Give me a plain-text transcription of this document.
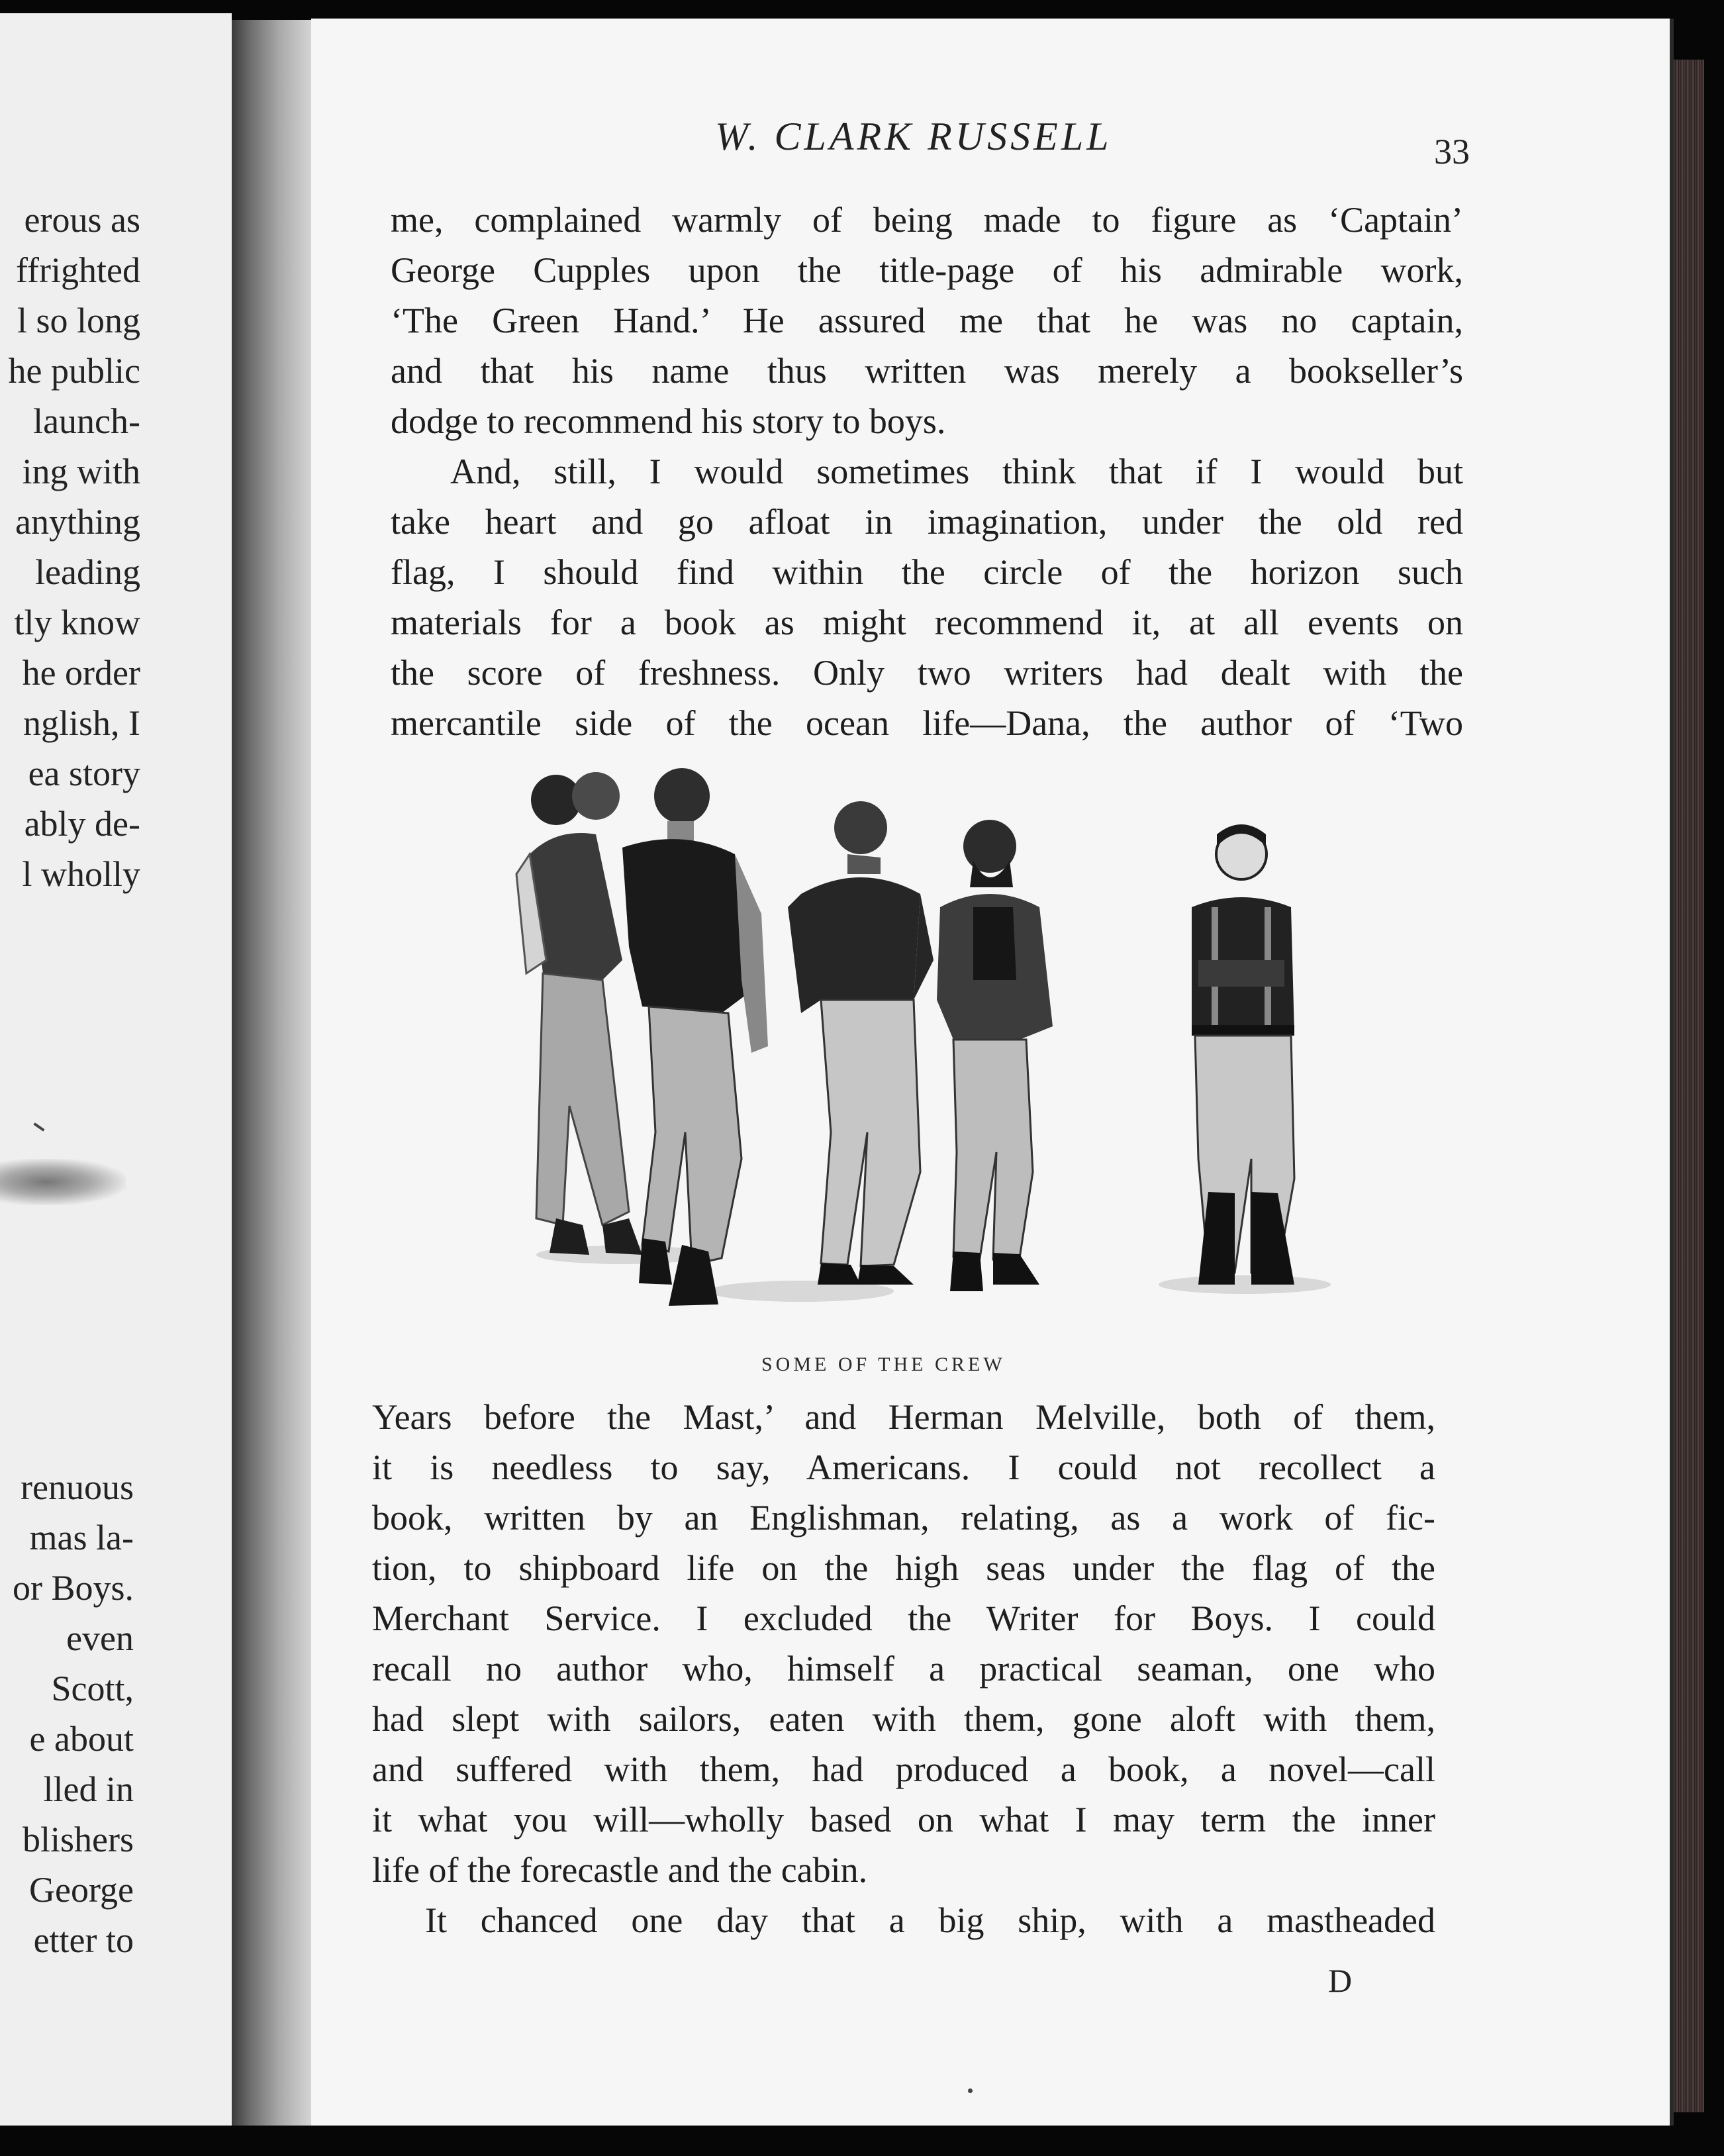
erous as
ffrighted
l so long
he public
launch-
ing with
anything
leading
tly know
he order
nglish, I
ea story
ably de-
l wholly
renuous
mas la-
or Boys.
even
Scott,
e about
lled in
blishers
George
etter to
W. CLARK RUSSELL	33
me, complained warmly of being made to figure as ‘Captain’
George Cupples upon the title-page of his admirable work,
‘The Green Hand.’ He assured me that he was no captain,
and that his name thus written was merely a bookseller’s
dodge to recommend his story to boys.
And, still, I would sometimes think that if I would but
take heart and go afloat in imagination, under the old red
flag, I should find within the circle of the horizon such
materials for a book as might recommend it, at all events on
the score of freshness. Only two writers had dealt with the
mercantile side of the ocean life—Dana, the author of ‘Two
SOME OF THE CREW
Years before the Mast,’ and Herman Melville, both of them,
it is needless to say, Americans. I could not recollect a
book, written by an Englishman, relating, as a work of fic-
tion, to shipboard life on the high seas under the flag of the
Merchant Service. I excluded the Writer for Boys. I could
recall no author who, himself a practical seaman, one who
had slept with sailors, eaten with them, gone aloft with them,
and suffered with them, had produced a book, a novel—call
it what you will—wholly based on what I may term the inner
life of the forecastle and the cabin.
It chanced one day that a big ship, with a mastheaded
D
